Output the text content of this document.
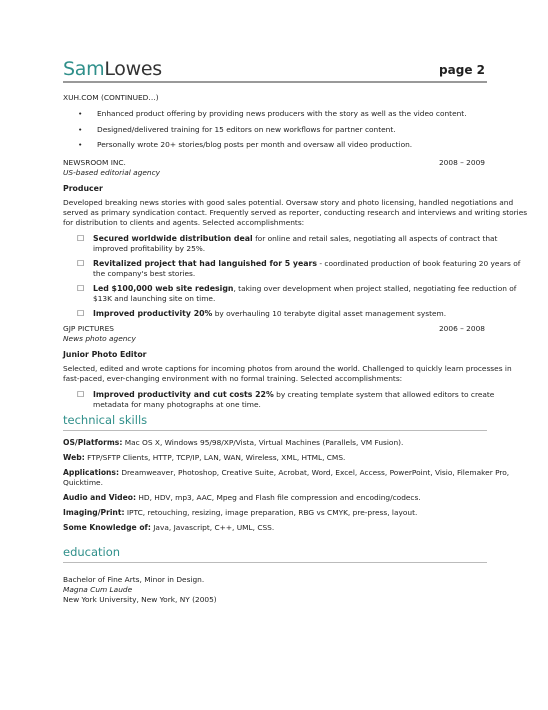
SamLowes	page 2
XUH.COM (CONTINUED…)
• Enhanced product offering by providing news producers with the story as well as the video content.
• Designed/delivered training for 15 editors on new workflows for partner content.
• Personally wrote 20+ stories/blog posts per month and oversaw all video production.
NEWSROOM INC.	2008 – 2009
US-based editorial agency
Producer
Developed breaking news stories with good sales potential. Oversaw story and photo licensing, handled negotiations and
served as primary syndication contact. Frequently served as reporter, conducting research and interviews and writing stories
for distribution to clients and agents. Selected accomplishments:
☐ Secured worldwide distribution deal for online and retail sales, negotiating all aspects of contract that
improved profitability by 25%.
☐ Revitalized project that had languished for 5 years - coordinated production of book featuring 20 years of
the company's best stories.
☐ Led $100,000 web site redesign, taking over development when project stalled, negotiating fee reduction of
$13K and launching site on time.
☐ Improved productivity 20% by overhauling 10 terabyte digital asset management system.
GJP PICTURES	2006 – 2008
News photo agency
Junior Photo Editor
Selected, edited and wrote captions for incoming photos from around the world. Challenged to quickly learn processes in
fast-paced, ever-changing environment with no formal training. Selected accomplishments:
☐ Improved productivity and cut costs 22% by creating template system that allowed editors to create
metadata for many photographs at one time.
technical skills
OS/Platforms: Mac OS X, Windows 95/98/XP/Vista, Virtual Machines (Parallels, VM Fusion).
Web: FTP/SFTP Clients, HTTP, TCP/IP, LAN, WAN, Wireless, XML, HTML, CMS.
Applications: Dreamweaver, Photoshop, Creative Suite, Acrobat, Word, Excel, Access, PowerPoint, Visio, Filemaker Pro,
Quicktime.
Audio and Video: HD, HDV, mp3, AAC, Mpeg and Flash file compression and encoding/codecs.
Imaging/Print: IPTC, retouching, resizing, image preparation, RBG vs CMYK, pre-press, layout.
Some Knowledge of: Java, Javascript, C++, UML, CSS.
education
Bachelor of Fine Arts, Minor in Design.
Magna Cum Laude
New York University, New York, NY (2005)
